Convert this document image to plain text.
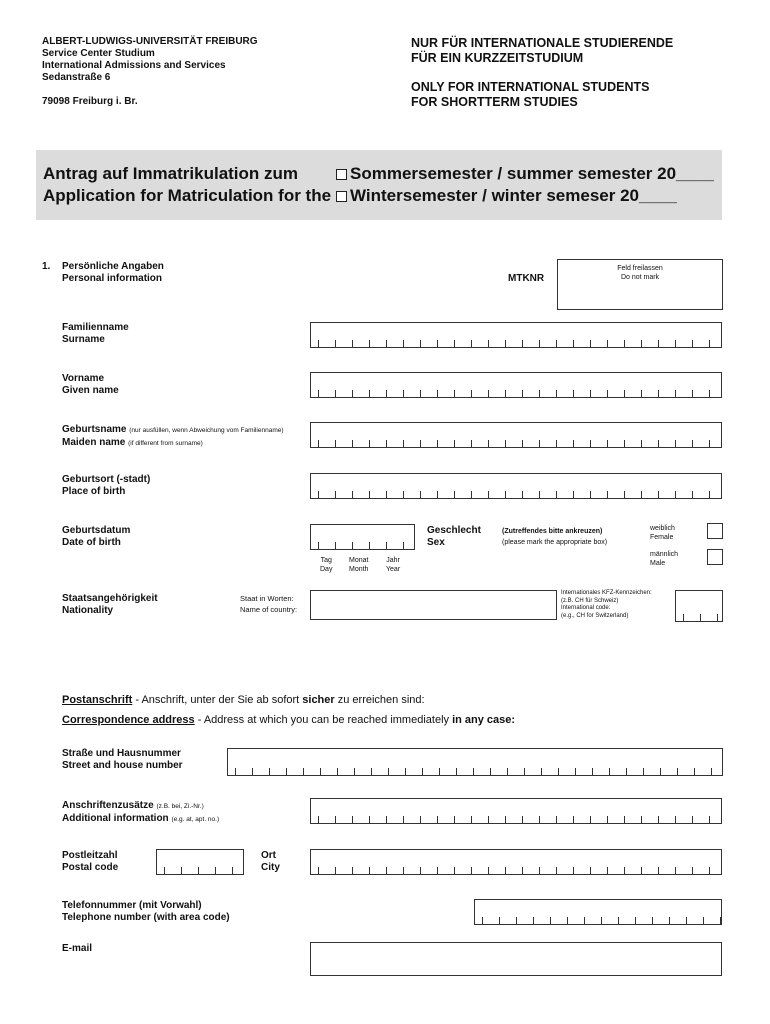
ALBERT-LUDWIGS-UNIVERSITÄT FREIBURG
Service Center Studium
International Admissions and Services
Sedanstraße 6
79098 Freiburg i. Br.
NUR FÜR INTERNATIONALE STUDIERENDE
FÜR EIN KURZZEITSTUDIUM
ONLY FOR INTERNATIONAL STUDENTS
FOR SHORTTERM STUDIES
Antrag auf Immatrikulation zum
Application for Matriculation for the
Sommersemester / summer semester 20____
Wintersemester / winter semeser 20____
1. Persönliche Angaben
Personal information	MTKNR
Feld freilassen
Do not mark
Familienname
Surname
Vorname
Given name
Geburtsname (nur ausfüllen, wenn Abweichung vom Familienname)
Maiden name (if different from surname)
Geburtsort (-stadt)
Place of birth
Geburtsdatum
Date of birth
Tag
Day
Monat
Month
Jahr
Year
Geschlecht
Sex
(Zutreffendes bitte ankreuzen)
(please mark the appropriate box)
weiblich
Female
männlich
Male
Staatsangehörigkeit
Nationality
Staat in Worten:
Name of country:
Internationales KFZ-Kennzeichen:
(z.B. CH für Schweiz)
International code:
(e.g., CH for Switzerland)
Postanschrift - Anschrift, unter der Sie ab sofort sicher zu erreichen sind:
Correspondence address - Address at which you can be reached immediately in any case:
Straße und Hausnummer
Street and house number
Anschriftenzusätze (z.B. bei, Zi.-Nr.)
Additional information (e.g. at, apt. no.)
Postleitzahl
Postal code
Ort
City
Telefonnummer (mit Vorwahl)
Telephone number (with area code)
E-mail
